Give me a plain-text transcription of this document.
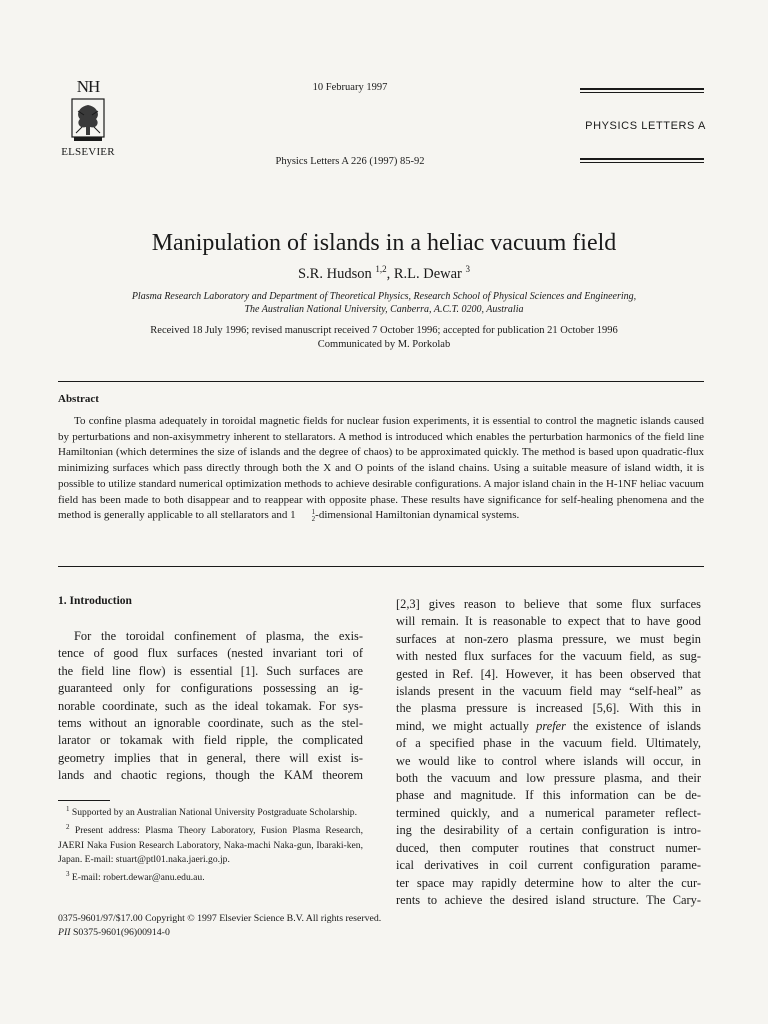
NH
ELSEVIER
10 February 1997
PHYSICS LETTERS A
Physics Letters A 226 (1997) 85-92
Manipulation of islands in a heliac vacuum field
S.R. Hudson $^{1,2}$, R.L. Dewar $^3$
Plasma Research Laboratory and Department of Theoretical Physics, Research School of Physical Sciences and Engineering,
The Australian National University, Canberra, A.C.T. 0200, Australia
Received 18 July 1996; revised manuscript received 7 October 1996; accepted for publication 21 October 1996
Communicated by M. Porkolab
Abstract
To confine plasma adequately in toroidal magnetic fields for nuclear fusion experiments, it is essential to control the magnetic islands caused by perturbations and non-axisymmetry inherent to stellarators. A method is introduced which enables the perturbation harmonics of the field line Hamiltonian (which determines the size of islands and the degree of chaos) to be approximated quickly. The method is based upon quadratic-flux minimizing surfaces which pass directly through both the X and O points of the island chains. Using a suitable measure of island width, it is possible to utilize standard numerical optimization methods to achieve desirable configurations. A major island chain in the H-1NF heliac vacuum field has been made to both disappear and to reappear with opposite phase. These results have significance for self-healing phenomena and the method is generally applicable to all stellarators and 1	1
2 -dimensional Hamiltonian dynamical systems.
1. Introduction
For the toroidal confinement of plasma, the exis-
tence of good flux surfaces (nested invariant tori of
the field line flow) is essential [1]. Such surfaces are
guaranteed only for configurations possessing an ig-
norable coordinate, such as the ideal tokamak. For sys-
tems without an ignorable coordinate, such as the stel-
larator or tokamak with field ripple, the complicated
geometry implies that in general, there will exist is-
lands and chaotic regions, though the KAM theorem
[2,3] gives reason to believe that some flux surfaces
will remain. It is reasonable to expect that to have good
surfaces at non-zero plasma pressure, we must begin
with nested flux surfaces for the vacuum field, as sug-
gested in Ref. [4]. However, it has been observed that
islands present in the vacuum field may “self-heal” as
the plasma pressure is increased [5,6]. With this in
mind, we might actually prefer the existence of islands
of a specified phase in the vacuum field. Ultimately,
we would like to control where islands will occur, in
both the vacuum and low pressure plasma, and their
phase and magnitude. If this information can be de-
termined quickly, and a numerical parameter reflect-
ing the desirability of a certain configuration is intro-
duced, then computer routines that construct numer-
ical derivatives in coil current configuration parame-
ter space may rapidly determine how to alter the cur-
rents to achieve the desired island structure. The Cary-

$^1$ Supported by an Australian National University Postgraduate Scholarship.

$^2$ Present address: Plasma Theory Laboratory, Fusion Plasma Research, JAERI Naka Fusion Research Laboratory, Naka-machi Naka-gun, Ibaraki-ken, Japan. E-mail: stuart@ptl01.naka.jaeri.go.jp.

$^3$ E-mail: robert.dewar@anu.edu.au.

0375-9601/97/$17.00 Copyright © 1997 Elsevier Science B.V. All rights reserved.
PII S0375-9601(96)00914-0
